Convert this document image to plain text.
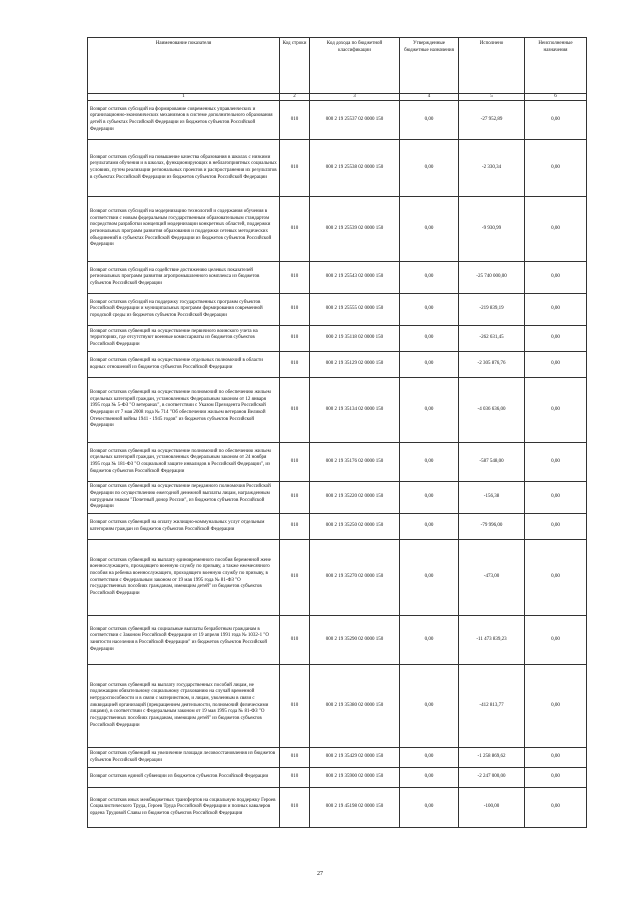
Наименование показателя	Код строки	Код дохода по бюджетной классификации	Утвержденные бюджетные назначения	Исполнено	Неисполненные назначения
1	2	3	4	5	6
Возврат остатков субсидий на формирование современных управленческих и организационно-экономических механизмов в системе дополнительного образования детей в субъектах Российской Федерации из бюджетов субъектов Российской Федерации	010	000 2 19 25537 02 0000 150	0,00	-27 952,89	0,00
Возврат остатков субсидий на повышение качества образования в школах с низкими результатами обучения и в школах, функционирующих в неблагоприятных социальных условиях, путем реализации региональных проектов и распространения их результатов в субъектах Российской Федерации из бюджетов субъектов Российской Федерации	010	000 2 19 25538 02 0000 150	0,00	-2 330,34	0,00
Возврат остатков субсидий на модернизацию технологий и содержания обучения в соответствии с новым федеральным государственным образовательным стандартом посредством разработки концепций модернизации конкретных областей, поддержки региональных программ развития образования и поддержки сетевых методических объединений в субъектах Российской Федерации из бюджетов субъектов Российской Федерации	010	000 2 19 25539 02 0000 150	0,00	-9 930,99	0,00
Возврат остатков субсидий на содействие достижению целевых показателей региональных программ развития агропромышленного комплекса из бюджетов субъектов Российской Федерации	010	000 2 19 25543 02 0000 150	0,00	-25 740 000,00	0,00
Возврат остатков субсидий на поддержку государственных программ субъектов Российской Федерации и муниципальных программ формирования современной городской среды из бюджетов субъектов Российской Федерации	010	000 2 19 25555 02 0000 150	0,00	-219 839,19	0,00
Возврат остатков субвенций на осуществление первичного воинского учета на территориях, где отсутствуют военные комиссариаты из бюджетов субъектов Российской Федерации	010	000 2 19 35118 02 0000 150	0,00	-262 631,45	0,00
Возврат остатков субвенций на осуществление отдельных полномочий в области водных отношений из бюджетов субъектов Российской Федерации	010	000 2 19 35129 02 0000 150	0,00	-2 305 876,76	0,00
Возврат остатков субвенций на осуществление полномочий по обеспечению жильем отдельных категорий граждан, установленных Федеральным законом от 12 января 1995 года № 5-ФЗ "О ветеранах", в соответствии с Указом Президента Российской Федерации от 7 мая 2008 года № 714 "Об обеспечении жильем ветеранов Великой Отечественной войны 1941 - 1945 годов" из бюджетов субъектов Российской Федерации	010	000 2 19 35134 02 0000 150	0,00	-4 036 636,00	0,00
Возврат остатков субвенций на осуществление полномочий по обеспечению жильем отдельных категорий граждан, установленных Федеральным законом от 24 ноября 1995 года № 181-ФЗ "О социальной защите инвалидов в Российской Федерации", из бюджетов субъектов Российской Федерации	010	000 2 19 35176 02 0000 150	0,00	-587 548,00	0,00
Возврат остатков субвенций на осуществление переданного полномочия Российской Федерации по осуществлению ежегодной денежной выплаты лицам, награжденным нагрудным знаком "Почетный донор России", из бюджетов субъектов Российской Федерации	010	000 2 19 35220 02 0000 150	0,00	-156,38	0,00
Возврат остатков субвенций на оплату жилищно-коммунальных услуг отдельным категориям граждан из бюджетов субъектов Российской Федерации	010	000 2 19 35250 02 0000 150	0,00	-79 996,00	0,00
Возврат остатков субвенций на выплату единовременного пособия беременной жене военнослужащего, проходящего военную службу по призыву, а также ежемесячного пособия на ребенка военнослужащего, проходящего военную службу по призыву, в соответствии с Федеральным законом от 19 мая 1995 года № 81-ФЗ "О государственных пособиях гражданам, имеющим детей" из бюджетов субъектов Российской Федерации	010	000 2 19 35270 02 0000 150	0,00	-473,00	0,00
Возврат остатков субвенций на социальные выплаты безработным гражданам в соответствии с Законом Российской Федерации от 19 апреля 1991 года № 1032-1 "О занятости населения в Российской Федерации" из бюджетов субъектов Российской Федерации	010	000 2 19 35290 02 0000 150	0,00	-11 473 839,23	0,00
Возврат остатков субвенций на выплату государственных пособий лицам, не подлежащим обязательному социальному страхованию на случай временной нетрудоспособности и в связи с материнством, и лицам, уволенным в связи с ликвидацией организаций (прекращением деятельности, полномочий физическими лицами), в соответствии с Федеральным законом от 19 мая 1995 года № 81-ФЗ "О государственных пособиях гражданам, имеющим детей" из бюджетов субъектов Российской Федерации	010	000 2 19 35380 02 0000 150	0,00	-412 813,77	0,00
Возврат остатков субвенций на увеличение площади лесовосстановления из бюджетов субъектов Российской Федерации	010	000 2 19 35429 02 0000 150	0,00	-1 258 869,62	0,00
Возврат остатков единой субвенции из бюджетов субъектов Российской Федерации	010	000 2 19 35900 02 0000 150	0,00	-2 247 000,00	0,00
Возврат остатков иных межбюджетных трансфертов на социальную поддержку Героев Социалистического Труда, Героев Труда Российской Федерации и полных кавалеров ордена Трудовой Славы из бюджетов субъектов Российской Федерации	010	000 2 19 45198 02 0000 150	0,00	-100,00	0,00
27
